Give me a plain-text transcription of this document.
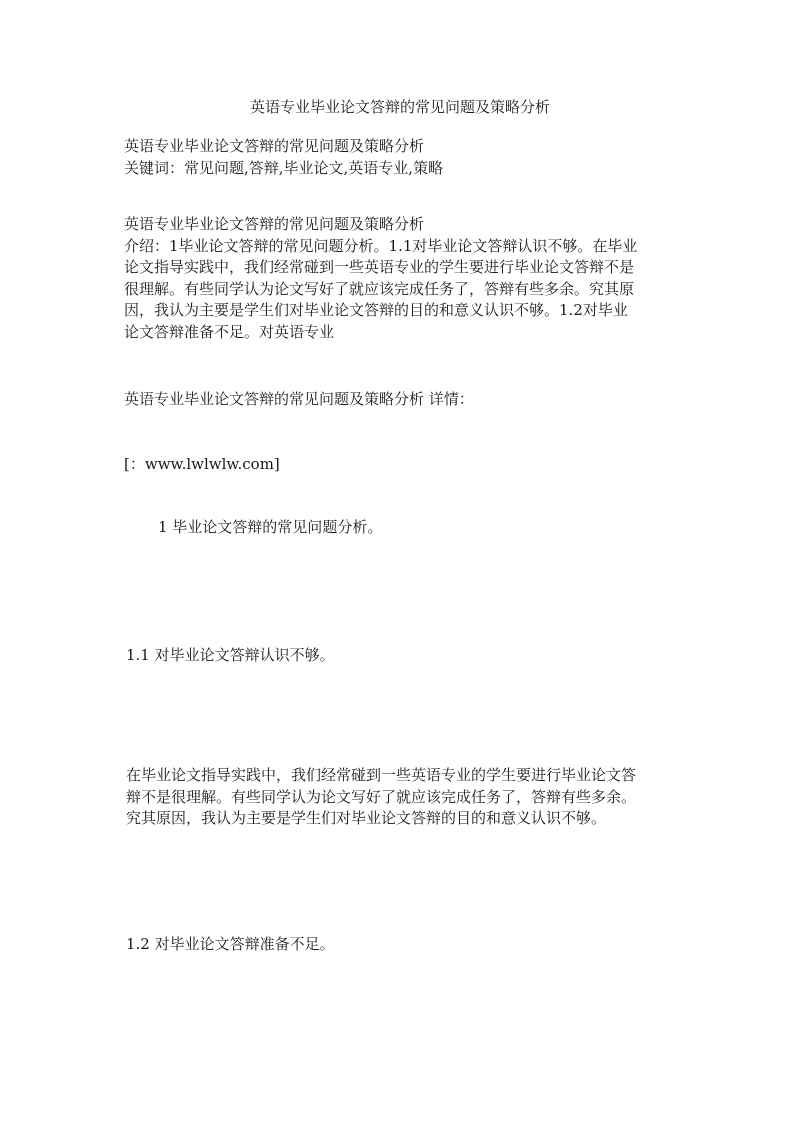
英语专业毕业论文答辩的常见问题及策略分析

英语专业毕业论文答辩的常见问题及策略分析

关键词：常见问题,答辩,毕业论文,英语专业,策略

英语专业毕业论文答辩的常见问题及策略分析

介绍：1毕业论文答辩的常见问题分析。1.1对毕业论文答辩认识不够。在毕业

论文指导实践中，我们经常碰到一些英语专业的学生要进行毕业论文答辩不是

很理解。有些同学认为论文写好了就应该完成任务了，答辩有些多余。究其原

因，我认为主要是学生们对毕业论文答辩的目的和意义认识不够。1.2对毕业

论文答辩准备不足。对英语专业

英语专业毕业论文答辩的常见问题及策略分析 详情：
[：www.lwlwlw.com]
1 毕业论文答辩的常见问题分析。
1.1 对毕业论文答辩认识不够。

在毕业论文指导实践中，我们经常碰到一些英语专业的学生要进行毕业论文答

辩不是很理解。有些同学认为论文写好了就应该完成任务了，答辩有些多余。

究其原因，我认为主要是学生们对毕业论文答辩的目的和意义认识不够。

1.2 对毕业论文答辩准备不足。
